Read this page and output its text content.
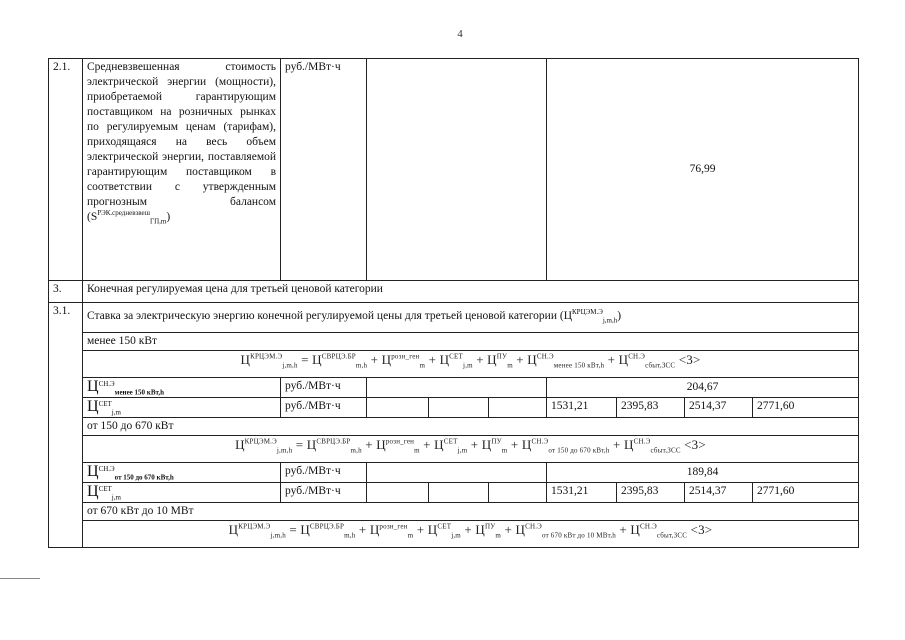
4
2.1.	Средневзвешенная стоимость электрической энергии (мощности), приобретаемой гарантирующим поставщиком на розничных рынках по регулируемым ценам (тарифам), приходящаяся на весь объем электрической энергии, поставляемой гарантирующим поставщиком в соответствии с утвержденным прогнозным балансом $(S^{РЭК.средневзвеш}_{ГП,m})$	руб./МВт·ч				76,99			
3.	Конечная регулируемая цена для третьей ценовой категории								
3.1.	Ставка за электрическую энергию конечной регулируемой цены для третьей ценовой категории $(Ц^{КРЦЭМ.Э}_{j,m,h})$								
	менее 150 кВт								
	$Ц^{КРЦЭМ.Э}_{j,m,h} = Ц^{СВРЦЭ.БР}_{m,h} + Ц^{розн\_ген}_m + Ц^{СЕТ}_{j,m} + Ц^{ПУ}_m + Ц^{СН.Э}_{менее 150 кВт,h} + Ц^{СН.Э}_{сбыт,ЗСС} <3>$								
	$Ц^{СН.Э}_{менее 150 кВт,h}$	руб./МВт·ч				204,67			
	$Ц^{СЕТ}_{j,m}$	руб./МВт·ч				1531,21	2395,83	2514,37	2771,60
	от 150 до 670 кВт								
	$Ц^{КРЦЭМ.Э}_{j,m,h} = Ц^{СВРЦЭ.БР}_{m,h} + Ц^{розн\_ген}_m + Ц^{СЕТ}_{j,m} + Ц^{ПУ}_m + Ц^{СН.Э}_{от 150 до 670 кВт,h} + Ц^{СН.Э}_{сбыт,ЗСС} <3>$								
	$Ц^{СН.Э}_{от 150 до 670 кВт,h}$	руб./МВт·ч				189,84			
	$Ц^{СЕТ}_{j,m}$	руб./МВт·ч				1531,21	2395,83	2514,37	2771,60
	от 670 кВт до 10 МВт								
	$Ц^{КРЦЭМ.Э}_{j,m,h} = Ц^{СВРЦЭ.БР}_{m,h} + Ц^{розн\_ген}_m + Ц^{СЕТ}_{j,m} + Ц^{ПУ}_m + Ц^{СН.Э}_{от 670 кВт до 10 МВт,h} + Ц^{СН.Э}_{сбыт,ЗСС} <3>$								
